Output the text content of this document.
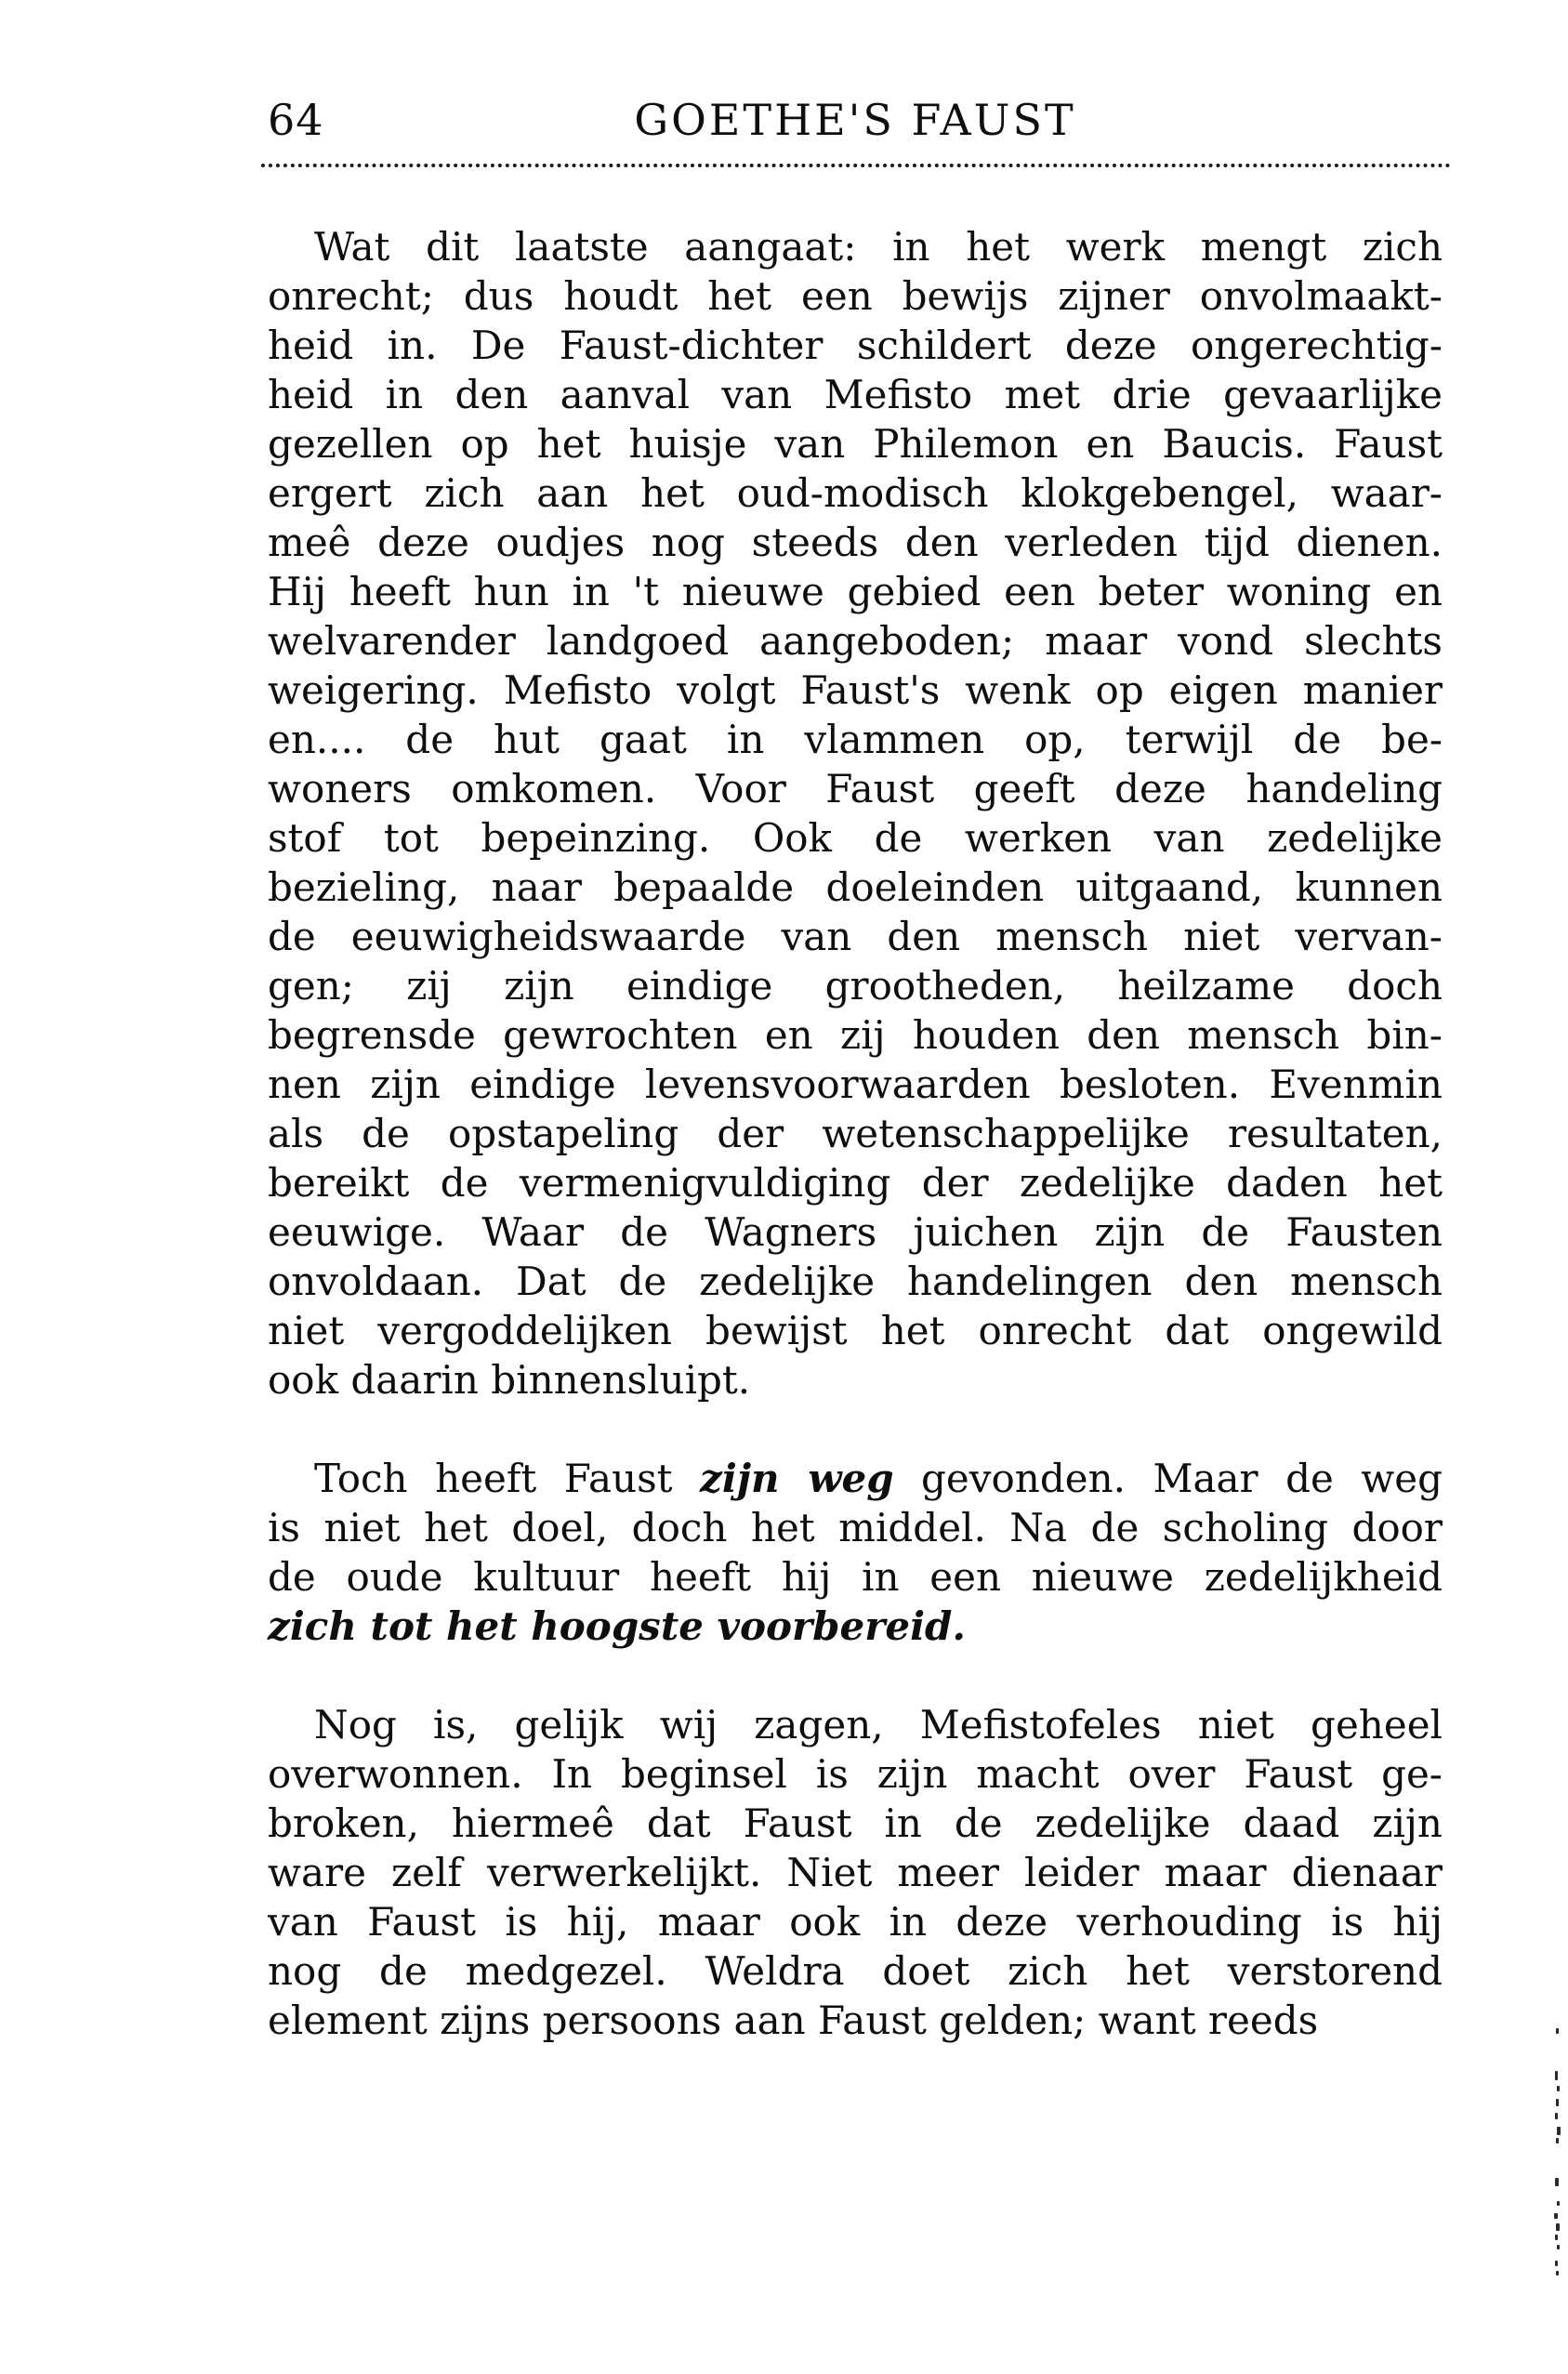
64	GOETHE'S FAUST
Wat dit laatste aangaat: in het werk mengt zich
onrecht; dus houdt het een bewijs zijner onvolmaakt-
heid in. De Faust-dichter schildert deze ongerechtig-
heid in den aanval van Mefisto met drie gevaarlijke
gezellen op het huisje van Philemon en Baucis. Faust
ergert zich aan het oud-modisch klokgebengel, waar-
meê deze oudjes nog steeds den verleden tijd dienen.
Hij heeft hun in 't nieuwe gebied een beter woning en
welvarender landgoed aangeboden; maar vond slechts
weigering. Mefisto volgt Faust's wenk op eigen manier
en.... de hut gaat in vlammen op, terwijl de be-
woners omkomen. Voor Faust geeft deze handeling
stof tot bepeinzing. Ook de werken van zedelijke
bezieling, naar bepaalde doeleinden uitgaand, kunnen
de eeuwigheidswaarde van den mensch niet vervan-
gen; zij zijn eindige grootheden, heilzame doch
begrensde gewrochten en zij houden den mensch bin-
nen zijn eindige levensvoorwaarden besloten. Evenmin
als de opstapeling der wetenschappelijke resultaten,
bereikt de vermenigvuldiging der zedelijke daden het
eeuwige. Waar de Wagners juichen zijn de Fausten
onvoldaan. Dat de zedelijke handelingen den mensch
niet vergoddelijken bewijst het onrecht dat ongewild
ook daarin binnensluipt.
Toch heeft Faust zijn weg gevonden. Maar de weg
is niet het doel, doch het middel. Na de scholing door
de oude kultuur heeft hij in een nieuwe zedelijkheid
zich tot het hoogste voorbereid.
Nog is, gelijk wij zagen, Mefistofeles niet geheel
overwonnen. In beginsel is zijn macht over Faust ge-
broken, hiermeê dat Faust in de zedelijke daad zijn
ware zelf verwerkelijkt. Niet meer leider maar dienaar
van Faust is hij, maar ook in deze verhouding is hij
nog de medgezel. Weldra doet zich het verstorend
element zijns persoons aan Faust gelden; want reeds
